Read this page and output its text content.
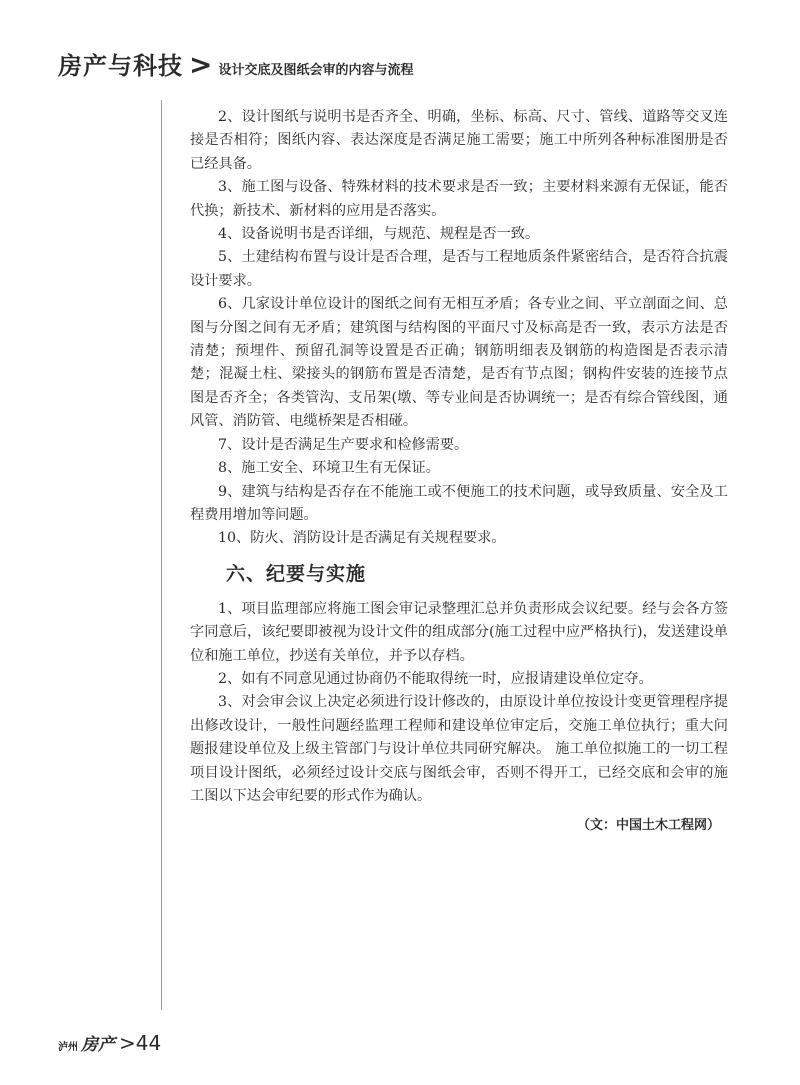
房产与科技 > 设计交底及图纸会审的内容与流程

2、设计图纸与说明书是否齐全、明确，坐标、标高、尺寸、管线、道路等交叉连接是否相符；图纸内容、表达深度是否满足施工需要；施工中所列各种标准图册是否已经具备。

3、施工图与设备、特殊材料的技术要求是否一致；主要材料来源有无保证，能否代换；新技术、新材料的应用是否落实。

4、设备说明书是否详细，与规范、规程是否一致。

5、土建结构布置与设计是否合理，是否与工程地质条件紧密结合，是否符合抗震设计要求。

6、几家设计单位设计的图纸之间有无相互矛盾；各专业之间、平立剖面之间、总图与分图之间有无矛盾；建筑图与结构图的平面尺寸及标高是否一致，表示方法是否清楚；预埋件、预留孔洞等设置是否正确；钢筋明细表及钢筋的构造图是否表示清楚；混凝土柱、梁接头的钢筋布置是否清楚，是否有节点图；钢构件安装的连接节点图是否齐全；各类管沟、支吊架(墩、等专业间是否协调统一；是否有综合管线图，通风管、消防管、电缆桥架是否相碰。

7、设计是否满足生产要求和检修需要。

8、施工安全、环境卫生有无保证。

9、建筑与结构是否存在不能施工或不便施工的技术问题，或导致质量、安全及工程费用增加等问题。

10、防火、消防设计是否满足有关规程要求。

六、纪要与实施

1、项目监理部应将施工图会审记录整理汇总并负责形成会议纪要。经与会各方签字同意后，该纪要即被视为设计文件的组成部分(施工过程中应严格执行)，发送建设单位和施工单位，抄送有关单位，并予以存档。

2、如有不同意见通过协商仍不能取得统一时，应报请建设单位定夺。

3、对会审会议上决定必须进行设计修改的，由原设计单位按设计变更管理程序提出修改设计，一般性问题经监理工程师和建设单位审定后，交施工单位执行；重大问题报建设单位及上级主管部门与设计单位共同研究解决。 施工单位拟施工的一切工程项目设计图纸，必须经过设计交底与图纸会审，否则不得开工，已经交底和会审的施工图以下达会审纪要的形式作为确认。

（文：中国土木工程网）
泸州 房产 >44
